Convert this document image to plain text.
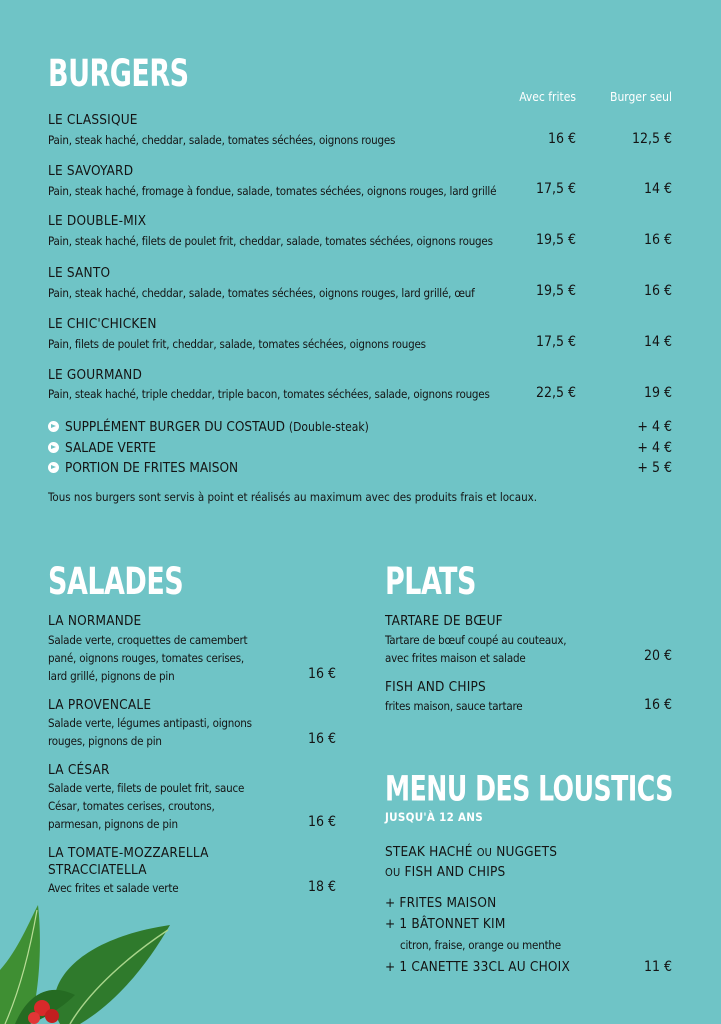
BURGERS
Avec frites	Burger seul
LE CLASSIQUE
Pain, steak haché, cheddar, salade, tomates séchées, oignons rouges	16 €	12,5 €
LE SAVOYARD
Pain, steak haché, fromage à fondue, salade, tomates séchées, oignons rouges, lard grillé	17,5 €	14 €
LE DOUBLE-MIX
Pain, steak haché, filets de poulet frit, cheddar, salade, tomates séchées, oignons rouges	19,5 €	16 €
LE SANTO
Pain, steak haché, cheddar, salade, tomates séchées, oignons rouges, lard grillé, œuf	19,5 €	16 €
LE CHIC'CHICKEN
Pain, filets de poulet frit, cheddar, salade, tomates séchées, oignons rouges	17,5 €	14 €
LE GOURMAND
Pain, steak haché, triple cheddar, triple bacon, tomates séchées, salade, oignons rouges	22,5 €	19 €
SUPPLÉMENT BURGER DU COSTAUD (Double-steak)	+ 4 €
SALADE VERTE	+ 4 €
PORTION DE FRITES MAISON	+ 5 €
Tous nos burgers sont servis à point et réalisés au maximum avec des produits frais et locaux.
SALADES
LA NORMANDE
Salade verte, croquettes de camembert
pané, oignons rouges, tomates cerises,
lard grillé, pignons de pin	16 €
LA PROVENCALE
Salade verte, légumes antipasti, oignons
rouges, pignons de pin	16 €
LA CÉSAR
Salade verte, filets de poulet frit, sauce
César, tomates cerises, croutons,
parmesan, pignons de pin	16 €
LA TOMATE-MOZZARELLA
STRACCIATELLA
Avec frites et salade verte	18 €
PLATS
TARTARE DE BŒUF
Tartare de bœuf coupé au couteaux,
avec frites maison et salade	20 €
FISH AND CHIPS
frites maison, sauce tartare	16 €
MENU DES LOUSTICS
JUSQU'À 12 ANS
STEAK HACHÉ OU NUGGETS
OU FISH AND CHIPS
+ FRITES MAISON
+ 1 BÂTONNET KIM
citron, fraise, orange ou menthe
+ 1 CANETTE 33CL AU CHOIX	11 €
